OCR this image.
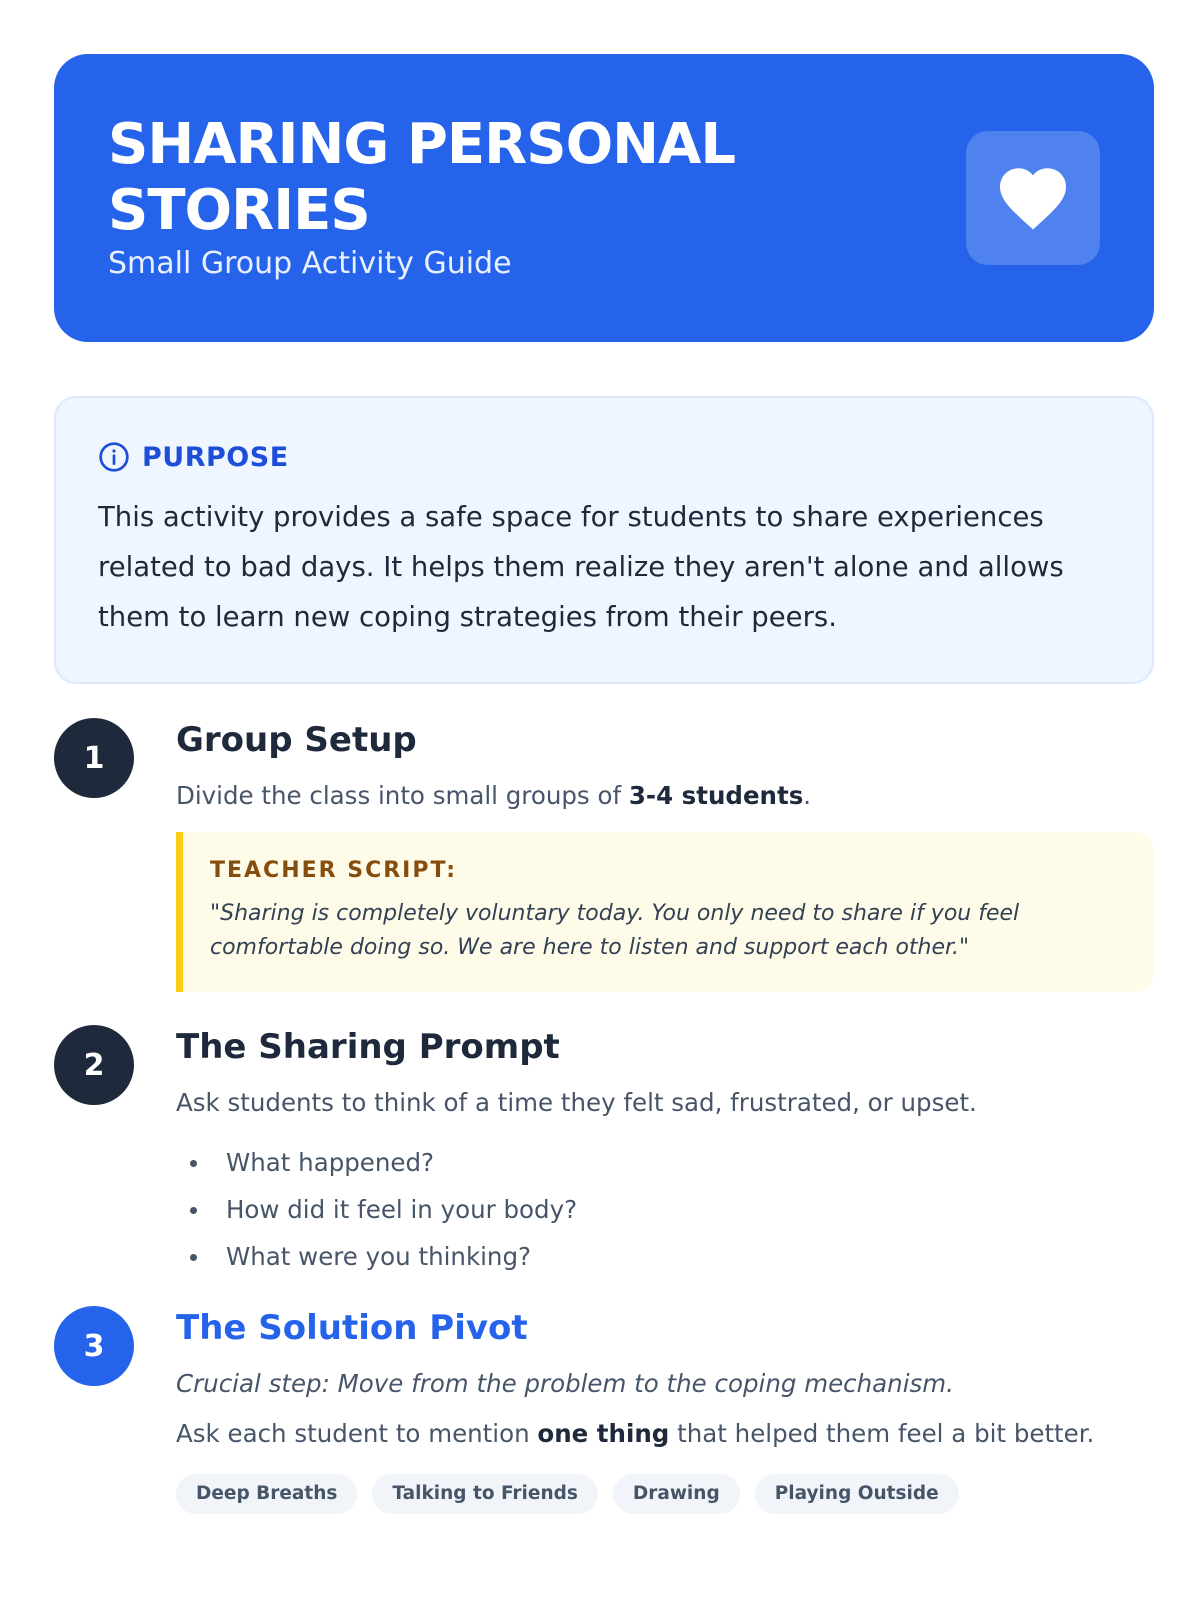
SHARING PERSONAL STORIES
Small Group Activity Guide
PURPOSE
This activity provides a safe space for students to share experiences related to bad days. It helps them realize they aren't alone and allows them to learn new coping strategies from their peers.
1	Group Setup
Divide the class into small groups of 3-4 students.
TEACHER SCRIPT:
"Sharing is completely voluntary today. You only need to share if you feel comfortable doing so. We are here to listen and support each other."
2	The Sharing Prompt
Ask students to think of a time they felt sad, frustrated, or upset.
What happened?
How did it feel in your body?
What were you thinking?
3	The Solution Pivot
Crucial step: Move from the problem to the coping mechanism.
Ask each student to mention one thing that helped them feel a bit better.
Deep Breaths	Talking to Friends	Drawing	Playing Outside
